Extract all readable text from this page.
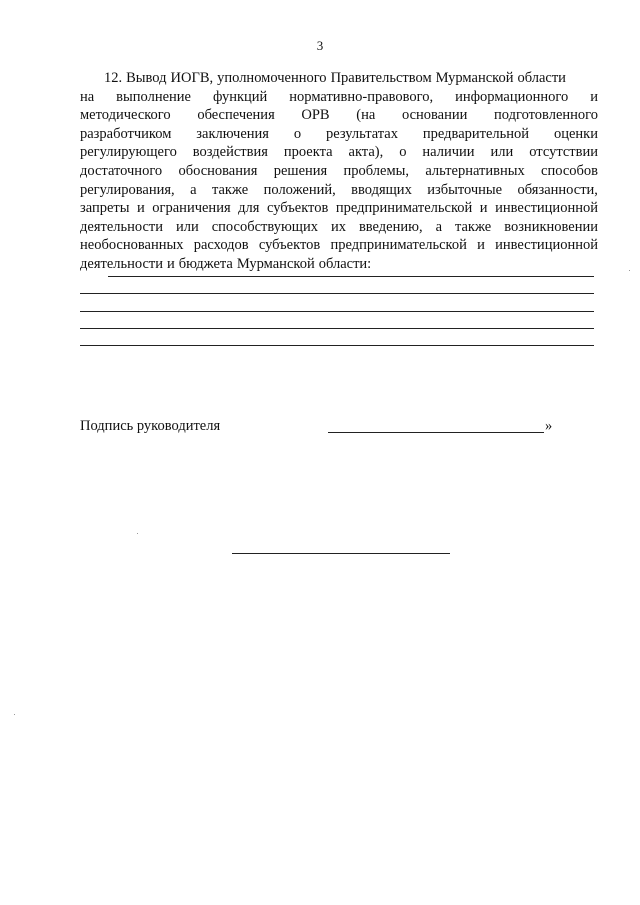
3
12. Вывод ИОГВ, уполномоченного Правительством Мурманской области
на выполнение функций нормативно-правового, информационного и
методического обеспечения ОРВ (на основании подготовленного
разработчиком заключения о результатах предварительной оценки
регулирующего воздействия проекта акта), о наличии или отсутствии
достаточного обоснования решения проблемы, альтернативных способов
регулирования, а также положений, вводящих избыточные обязанности,
запреты и ограничения для субъектов предпринимательской и инвестиционной
деятельности или способствующих их введению, а также возникновении
необоснованных расходов субъектов предпринимательской и инвестиционной
деятельности и бюджета Мурманской области:
Подпись руководителя	»
